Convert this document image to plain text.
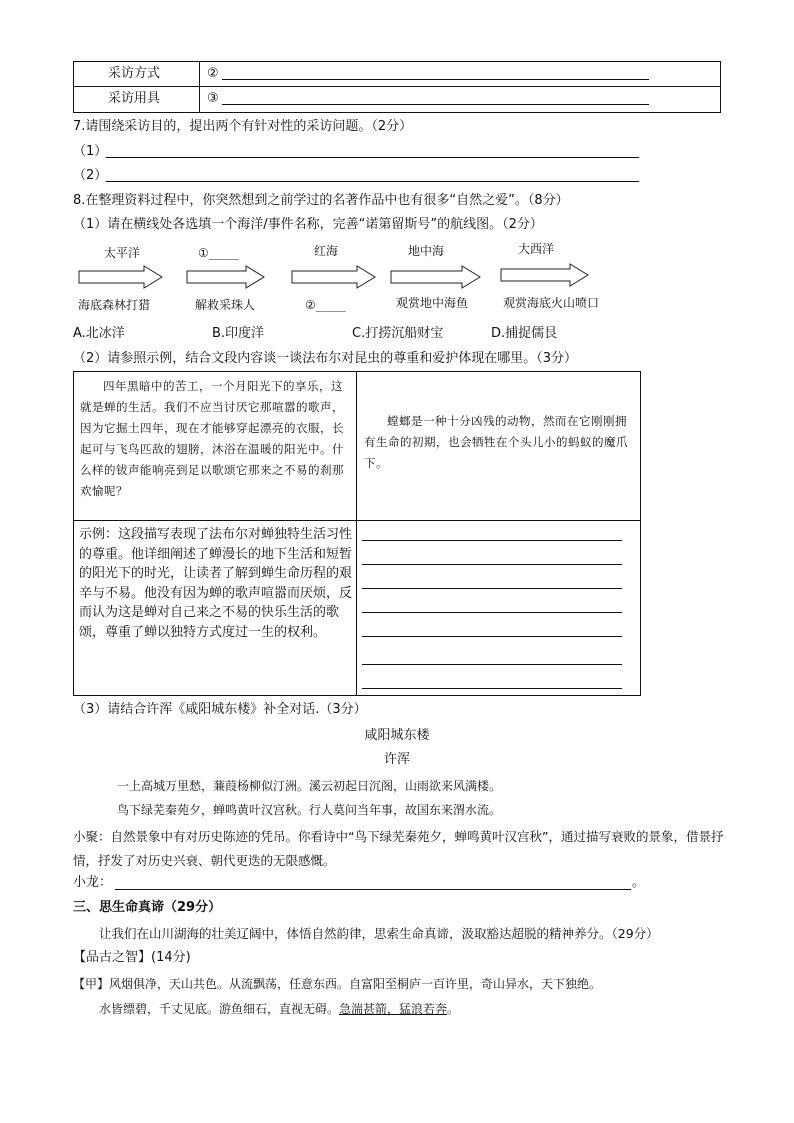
采访方式	②
采访用具	③
7.请围绕采访目的，提出两个有针对性的采访问题。（2分）
（1）
（2）
8.在整理资料过程中，你突然想到之前学过的名著作品中也有很多“自然之爱”。（8分）
（1）请在横线处各选填一个海洋/事件名称，完善“诺第留斯号”的航线图。（2分）
太平洋	①_____	红海	地中海	大西洋
海底森林打猎	解救采珠人	②_____	观赏地中海鱼	观赏海底火山喷口
A.北冰洋	B.印度洋	C.打捞沉船财宝	D.捕捉儒艮
（2）请参照示例，结合文段内容谈一谈法布尔对昆虫的尊重和爱护体现在哪里。（3分）
四年黑暗中的苦工，一个月阳光下的享乐，这就是蝉的生活。我们不应当讨厌它那喧嚣的歌声，因为它掘土四年，现在才能够穿起漂亮的衣服，长起可与飞鸟匹敌的翅膀，沐浴在温暖的阳光中。什么样的钹声能响亮到足以歌颂它那来之不易的刹那欢愉呢？
螳螂是一种十分凶残的动物，然而在它刚刚拥有生命的初期，也会牺牲在个头儿小的蚂蚁的魔爪下。
示例：这段描写表现了法布尔对蝉独特生活习性的尊重。他详细阐述了蝉漫长的地下生活和短暂的阳光下的时光，让读者了解到蝉生命历程的艰辛与不易。他没有因为蝉的歌声喧嚣而厌烦，反而认为这是蝉对自己来之不易的快乐生活的歌颂，尊重了蝉以独特方式度过一生的权利。
（3）请结合许浑《咸阳城东楼》补全对话.（3分）
咸阳城东楼
许浑
一上高城万里愁，蒹葭杨柳似汀洲。溪云初起日沉阁，山雨欲来风满楼。
鸟下绿芜秦苑夕，蝉鸣黄叶汉宫秋。行人莫问当年事，故国东来渭水流。
小聚：自然景象中有对历史陈迹的凭吊。你看诗中“鸟下绿芜秦苑夕，蝉鸣黄叶汉宫秋”，通过描写衰败的景象，借景抒情，抒发了对历史兴衰、朝代更迭的无限感慨。
小龙：	。
三、思生命真谛（29分）
让我们在山川湖海的壮美辽阔中，体悟自然韵律，思索生命真谛，汲取豁达超脱的精神养分。（29分）
【品古之智】(14分)
【甲】风烟俱净，天山共色。从流飘荡，任意东西。自富阳至桐庐一百许里，奇山异水，天下独绝。
水皆缥碧，千丈见底。游鱼细石，直视无碍。急湍甚箭，猛浪若奔。
